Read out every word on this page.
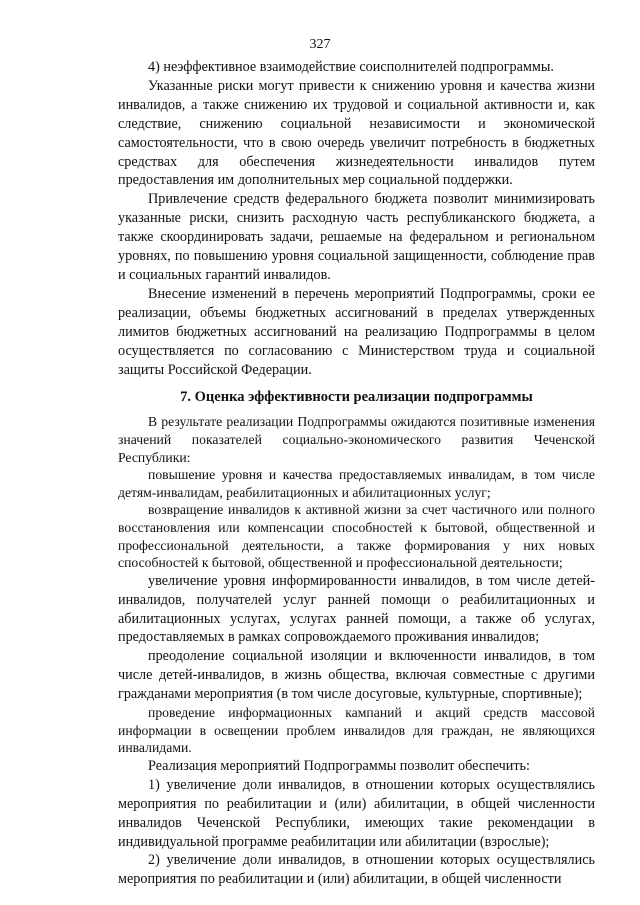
327

4) неэффективное взаимодействие соисполнителей подпрограммы.

Указанные риски могут привести к снижению уровня и качества жизни инвалидов, а также снижению их трудовой и социальной активности и, как следствие, снижению социальной независимости и экономической самостоятельности, что в свою очередь увеличит потребность в бюджетных средствах для обеспечения жизнедеятельности инвалидов путем предоставления им дополнительных мер социальной поддержки.

Привлечение средств федерального бюджета позволит минимизировать указанные риски, снизить расходную часть республиканского бюджета, а также скоординировать задачи, решаемые на федеральном и региональном уровнях, по повышению уровня социальной защищенности, соблюдение прав и социальных гарантий инвалидов.

Внесение изменений в перечень мероприятий Подпрограммы, сроки ее реализации, объемы бюджетных ассигнований в пределах утвержденных лимитов бюджетных ассигнований на реализацию Подпрограммы в целом осуществляется по согласованию с Министерством труда и социальной защиты Российской Федерации.

7. Оценка эффективности реализации подпрограммы

В результате реализации Подпрограммы ожидаются позитивные изменения значений показателей социально-экономического развития Чеченской Республики:

повышение уровня и качества предоставляемых инвалидам, в том числе детям-инвалидам, реабилитационных и абилитационных услуг;

возвращение инвалидов к активной жизни за счет частичного или полного восстановления или компенсации способностей к бытовой, общественной и профессиональной деятельности, а также формирования у них новых способностей к бытовой, общественной и профессиональной деятельности;

увеличение уровня информированности инвалидов, в том числе детей-инвалидов, получателей услуг ранней помощи о реабилитационных и абилитационных услугах, услугах ранней помощи, а также об услугах, предоставляемых в рамках сопровождаемого проживания инвалидов;

преодоление социальной изоляции и включенности инвалидов, в том числе детей-инвалидов, в жизнь общества, включая совместные с другими гражданами мероприятия (в том числе досуговые, культурные, спортивные);

проведение информационных кампаний и акций средств массовой информации в освещении проблем инвалидов для граждан, не являющихся инвалидами.

Реализация мероприятий Подпрограммы позволит обеспечить:

1) увеличение доли инвалидов, в отношении которых осуществлялись мероприятия по реабилитации и (или) абилитации, в общей численности инвалидов Чеченской Республики, имеющих такие рекомендации в индивидуальной программе реабилитации или абилитации (взрослые);

2) увеличение доли инвалидов, в отношении которых осуществлялись мероприятия по реабилитации и (или) абилитации, в общей численности
